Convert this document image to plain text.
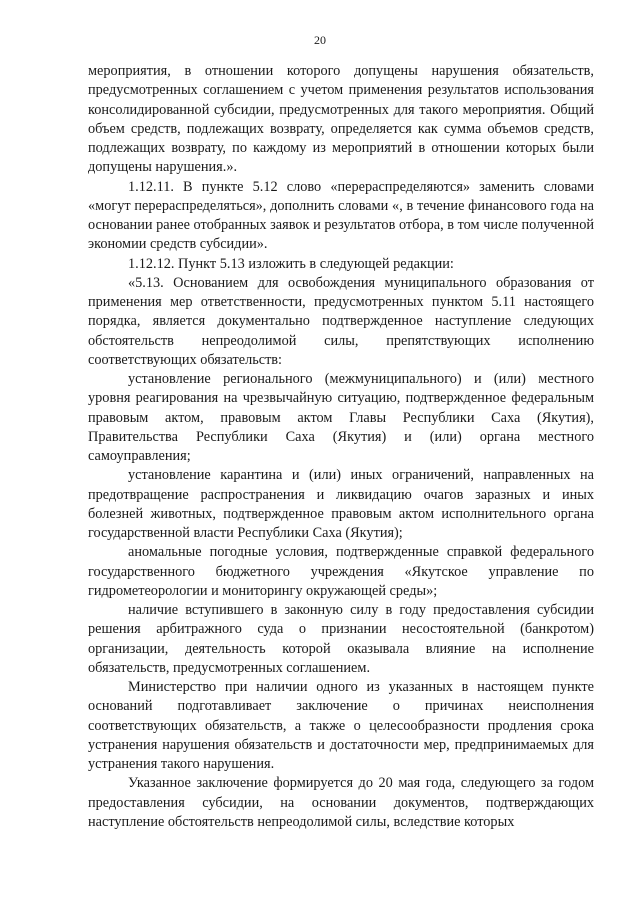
20

мероприятия, в отношении которого допущены нарушения обязательств, предусмотренных соглашением с учетом применения результатов использования консолидированной субсидии, предусмотренных для такого мероприятия. Общий объем средств, подлежащих возврату, определяется как сумма объемов средств, подлежащих возврату, по каждому из мероприятий в отношении которых были допущены нарушения.».

1.12.11. В пункте 5.12 слово «перераспределяются» заменить словами «могут перераспределяться», дополнить словами «, в течение финансового года на основании ранее отобранных заявок и результатов отбора, в том числе полученной экономии средств субсидии».

1.12.12. Пункт 5.13 изложить в следующей редакции:

«5.13. Основанием для освобождения муниципального образования от применения мер ответственности, предусмотренных пунктом 5.11 настоящего порядка, является документально подтвержденное наступление следующих обстоятельств непреодолимой силы, препятствующих исполнению соответствующих обязательств:

установление регионального (межмуниципального) и (или) местного уровня реагирования на чрезвычайную ситуацию, подтвержденное федеральным правовым актом, правовым актом Главы Республики Саха (Якутия), Правительства Республики Саха (Якутия) и (или) органа местного самоуправления;

установление карантина и (или) иных ограничений, направленных на предотвращение распространения и ликвидацию очагов заразных и иных болезней животных, подтвержденное правовым актом исполнительного органа государственной власти Республики Саха (Якутия);

аномальные погодные условия, подтвержденные справкой федерального государственного бюджетного учреждения «Якутское управление по гидрометеорологии и мониторингу окружающей среды»;

наличие вступившего в законную силу в году предоставления субсидии решения арбитражного суда о признании несостоятельной (банкротом) организации, деятельность которой оказывала влияние на исполнение обязательств, предусмотренных соглашением.

Министерство при наличии одного из указанных в настоящем пункте оснований подготавливает заключение о причинах неисполнения соответствующих обязательств, а также о целесообразности продления срока устранения нарушения обязательств и достаточности мер, предпринимаемых для устранения такого нарушения.

Указанное заключение формируется до 20 мая года, следующего за годом предоставления субсидии, на основании документов, подтверждающих наступление обстоятельств непреодолимой силы, вследствие которых
